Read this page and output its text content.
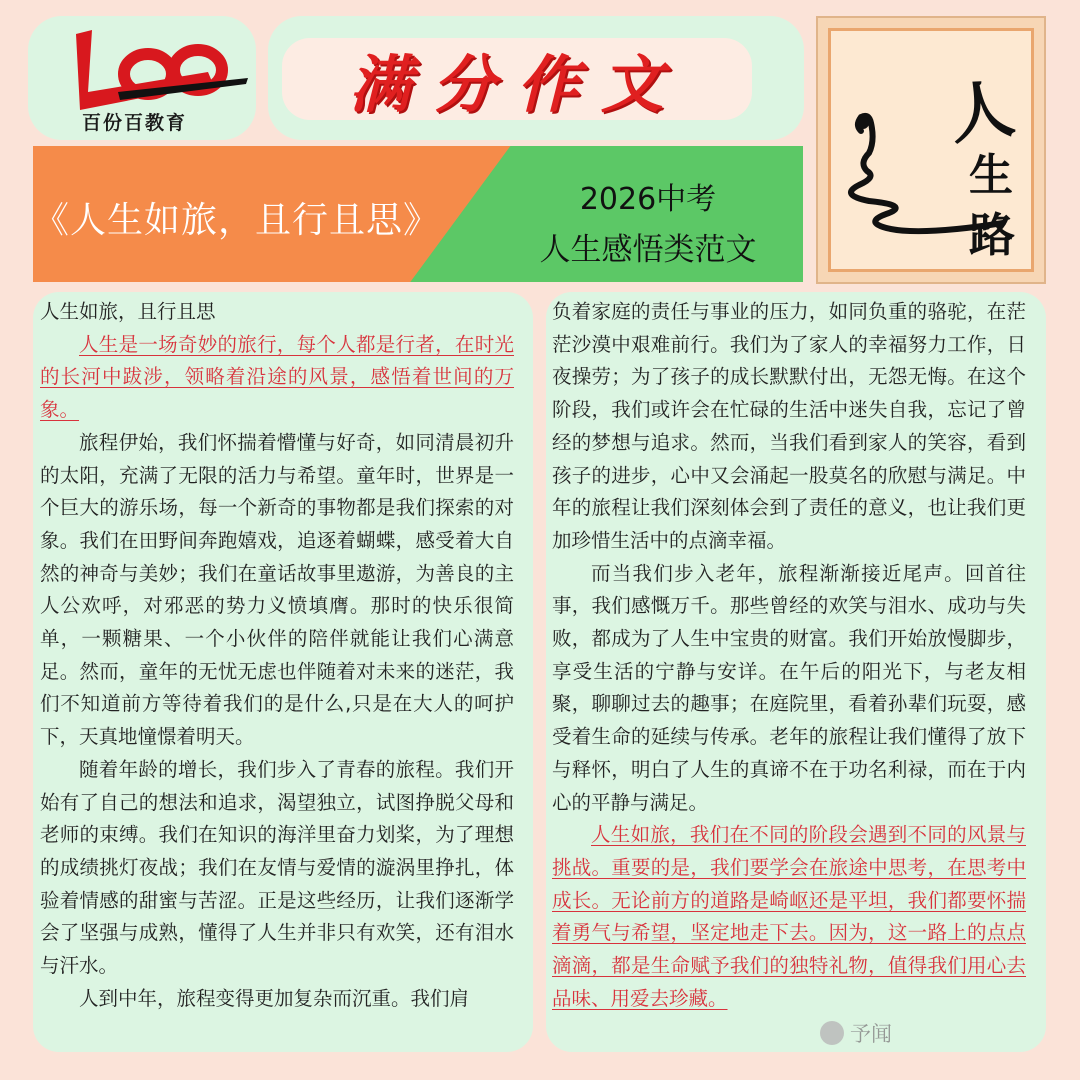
百份百教育
满分作文
《人生如旅，且行且思》
2026中考
人生感悟类范文
人
生
路

人生如旅，且行且思

人生是一场奇妙的旅行，每个人都是行者，在时光的长河中跋涉，领略着沿途的风景，感悟着世间的万象。

旅程伊始，我们怀揣着懵懂与好奇，如同清晨初升的太阳，充满了无限的活力与希望。童年时，世界是一个巨大的游乐场，每一个新奇的事物都是我们探索的对象。我们在田野间奔跑嬉戏，追逐着蝴蝶，感受着大自然的神奇与美妙；我们在童话故事里遨游，为善良的主人公欢呼，对邪恶的势力义愤填膺。那时的快乐很简单，一颗糖果、一个小伙伴的陪伴就能让我们心满意足。然而，童年的无忧无虑也伴随着对未来的迷茫，我们不知道前方等待着我们的是什么,只是在大人的呵护下，天真地憧憬着明天。

随着年龄的增长，我们步入了青春的旅程。我们开始有了自己的想法和追求，渴望独立，试图挣脱父母和老师的束缚。我们在知识的海洋里奋力划桨，为了理想的成绩挑灯夜战；我们在友情与爱情的漩涡里挣扎，体验着情感的甜蜜与苦涩。正是这些经历，让我们逐渐学会了坚强与成熟，懂得了人生并非只有欢笑，还有泪水与汗水。

人到中年，旅程变得更加复杂而沉重。我们肩

负着家庭的责任与事业的压力，如同负重的骆驼，在茫茫沙漠中艰难前行。我们为了家人的幸福努力工作，日夜操劳；为了孩子的成长默默付出，无怨无悔。在这个阶段，我们或许会在忙碌的生活中迷失自我，忘记了曾经的梦想与追求。然而，当我们看到家人的笑容，看到孩子的进步，心中又会涌起一股莫名的欣慰与满足。中年的旅程让我们深刻体会到了责任的意义，也让我们更加珍惜生活中的点滴幸福。

而当我们步入老年，旅程渐渐接近尾声。回首往事，我们感慨万千。那些曾经的欢笑与泪水、成功与失败，都成为了人生中宝贵的财富。我们开始放慢脚步，享受生活的宁静与安详。在午后的阳光下，与老友相聚，聊聊过去的趣事；在庭院里，看着孙辈们玩耍，感受着生命的延续与传承。老年的旅程让我们懂得了放下与释怀，明白了人生的真谛不在于功名利禄，而在于内心的平静与满足。

人生如旅，我们在不同的阶段会遇到不同的风景与挑战。重要的是，我们要学会在旅途中思考，在思考中成长。无论前方的道路是崎岖还是平坦，我们都要怀揣着勇气与希望，坚定地走下去。因为，这一路上的点点滴滴，都是生命赋予我们的独特礼物，值得我们用心去品味、用爱去珍藏。

予闻
